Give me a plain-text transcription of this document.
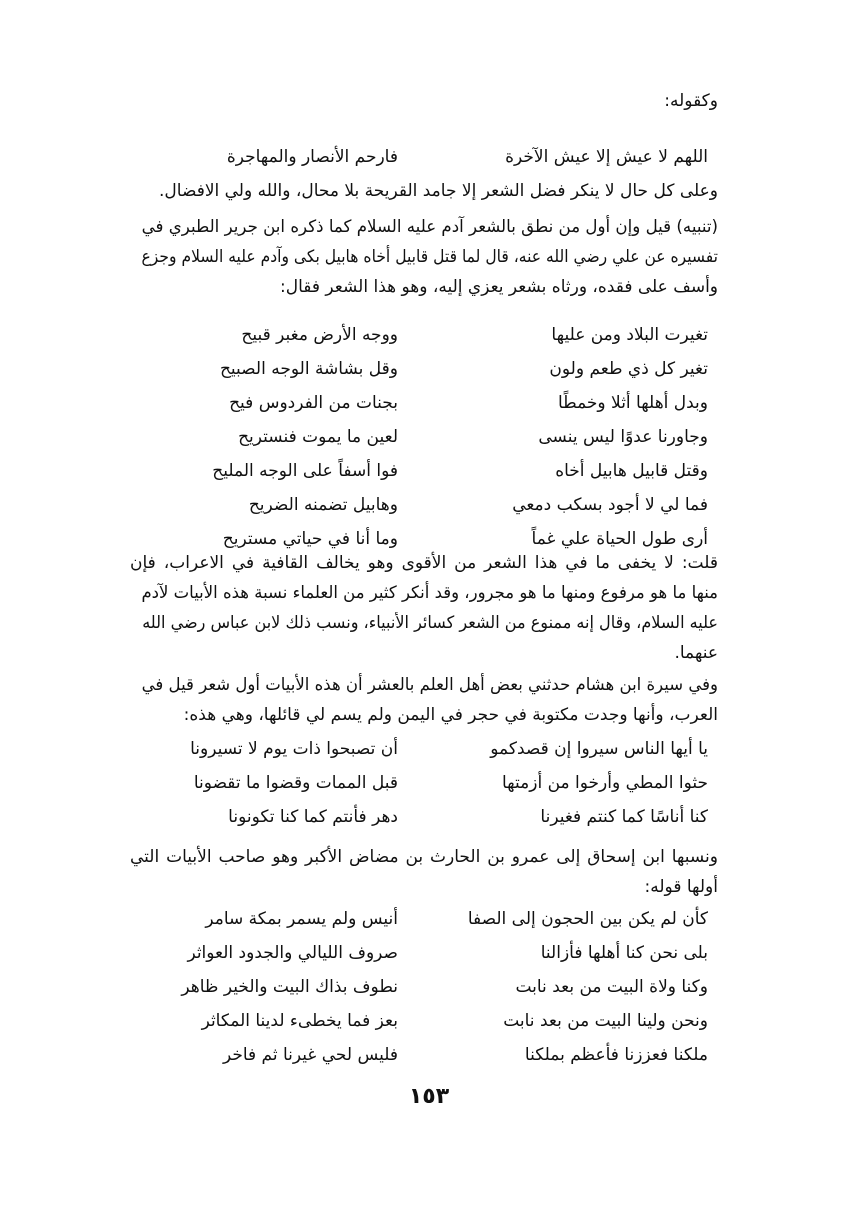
وكقوله:
اللهم لا عيش إلا عيش الآخرة
فارحم الأنصار والمهاجرة
وعلى كل حال لا ينكر فضل الشعر إلا جامد القريحة بلا محال، والله ولي الافضال.
(تنبيه) قيل وإن أول من نطق بالشعر آدم عليه السلام كما ذكره ابن جرير الطبري في
تفسيره عن علي رضي الله عنه، قال لما قتل قابيل أخاه هابيل بكى وآدم عليه السلام وجزع
وأسف على فقده، ورثاه بشعر يعزي إليه، وهو هذا الشعر فقال:
تغيرت البلاد ومن عليها
ووجه الأرض مغبر قبيح
تغير كل ذي طعم ولون
وقل بشاشة الوجه الصبيح
وبدل أهلها أثلا وخمطًا
بجنات من الفردوس فيح
وجاورنا عدوًا ليس ينسى
لعين ما يموت فنستريح
وقتل قابيل هابيل أخاه
فوا أسفاً على الوجه المليح
فما لي لا أجود بسكب دمعي
وهابيل تضمنه الضريح
أرى طول الحياة علي غماً
وما أنا في حياتي مستريح
قلت: لا يخفى ما في هذا الشعر من الأقوى وهو يخالف القافية في الاعراب، فإن
منها ما هو مرفوع ومنها ما هو مجرور، وقد أنكر كثير من العلماء نسبة هذه الأبيات لآدم
عليه السلام، وقال إنه ممنوع من الشعر كسائر الأنبياء، ونسب ذلك لابن عباس رضي الله
عنهما.
وفي سيرة ابن هشام حدثني بعض أهل العلم بالعشر أن هذه الأبيات أول شعر قيل في
العرب، وأنها وجدت مكتوبة في حجر في اليمن ولم يسم لي قائلها، وهي هذه:
يا أيها الناس سيروا إن قصدكمو
أن تصبحوا ذات يوم لا تسيرونا
حثوا المطي وأرخوا من أزمتها
قبل الممات وقضوا ما تقضونا
كنا أناسًا كما كنتم فغيرنا
دهر فأنتم كما كنا تكونونا
ونسبها ابن إسحاق إلى عمرو بن الحارث بن مضاض الأكبر وهو صاحب الأبيات التي
أولها قوله:
كأن لم يكن بين الحجون إلى الصفا
أنيس ولم يسمر بمكة سامر
بلى نحن كنا أهلها فأزالنا
صروف الليالي والجدود العواثر
وكنا ولاة البيت من بعد نابت
نطوف بذاك البيت والخير ظاهر
ونحن ولينا البيت من بعد نابت
بعز فما يخطىء لدينا المكاثر
ملكنا فعززنا فأعظم بملكنا
فليس لحي غيرنا ثم فاخر
١٥٣
